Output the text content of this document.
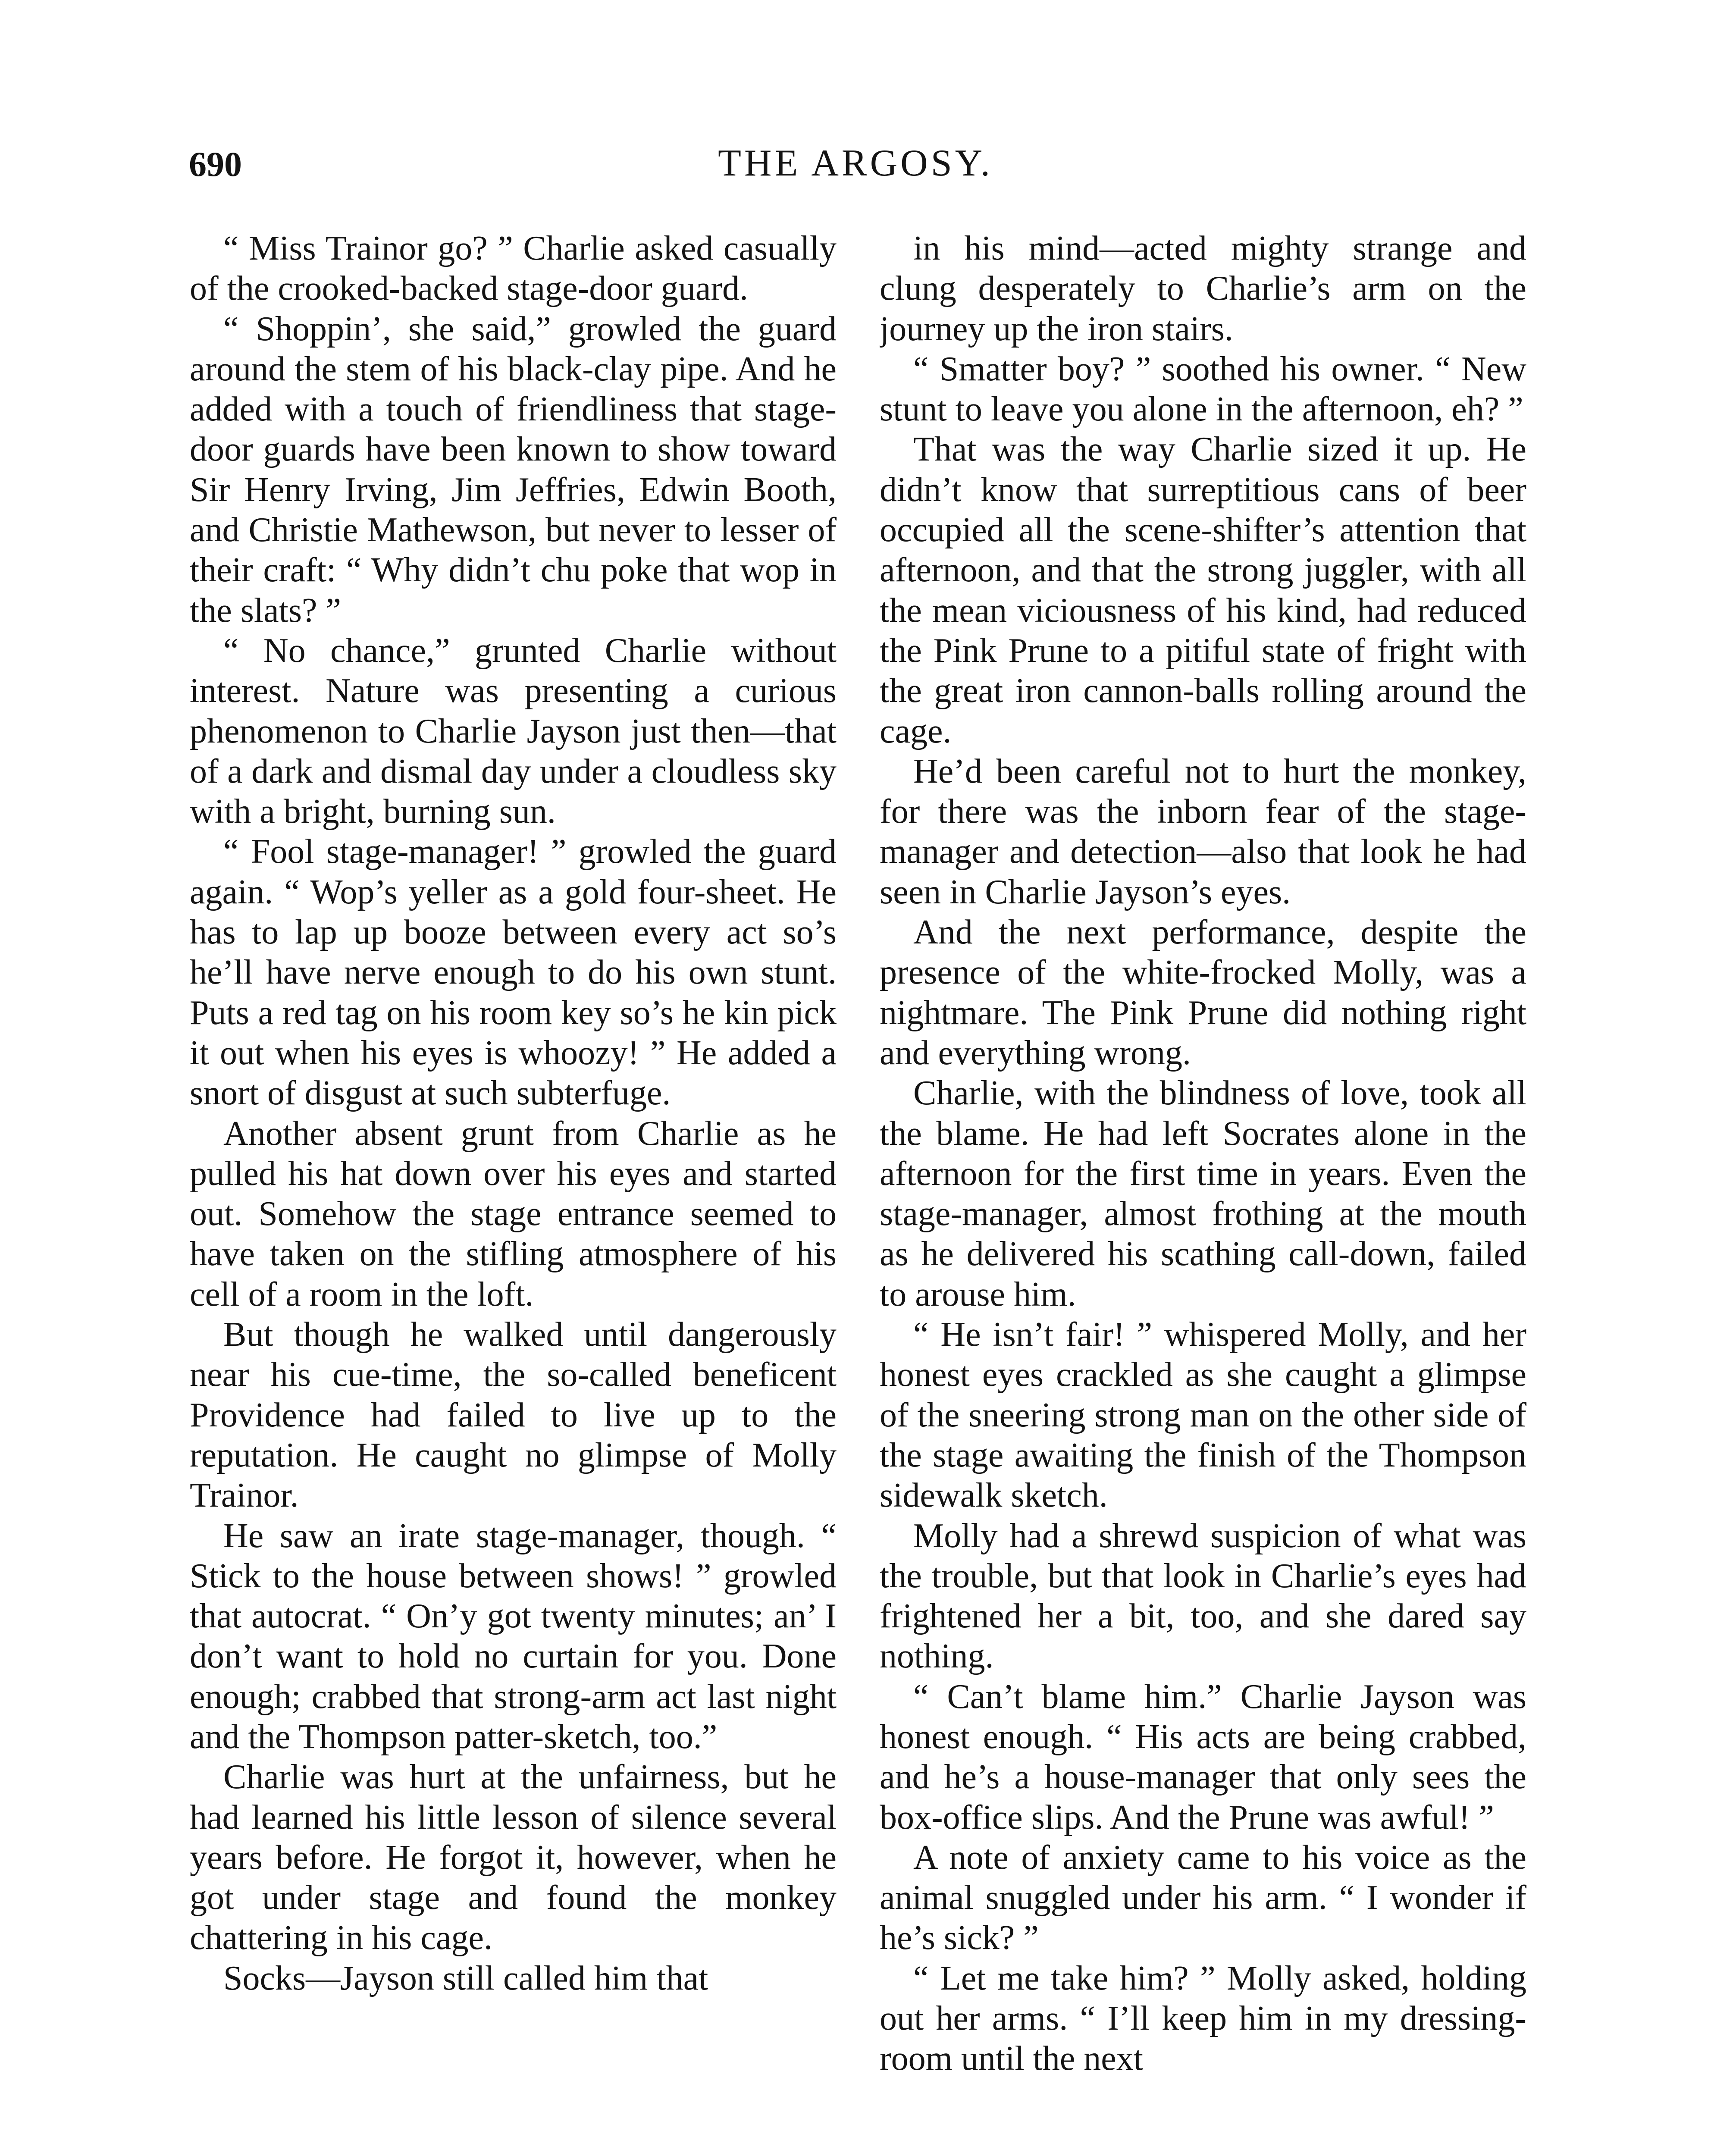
690	THE ARGOSY.

“ Miss Trainor go? ” Charlie asked casually of the crooked-backed stage-door guard.

“ Shoppin’, she said,” growled the guard around the stem of his black-clay pipe. And he added with a touch of friendliness that stage-door guards have been known to show toward Sir Henry Irving, Jim Jeffries, Edwin Booth, and Christie Mathewson, but never to lesser of their craft: “ Why didn’t chu poke that wop in the slats? ”

“ No chance,” grunted Charlie without interest. Nature was presenting a curious phenomenon to Charlie Jayson just then—that of a dark and dismal day under a cloudless sky with a bright, burning sun.

“ Fool stage-manager! ” growled the guard again. “ Wop’s yeller as a gold four-sheet. He has to lap up booze between every act so’s he’ll have nerve enough to do his own stunt. Puts a red tag on his room key so’s he kin pick it out when his eyes is whoozy! ” He added a snort of disgust at such subterfuge.

Another absent grunt from Charlie as he pulled his hat down over his eyes and started out. Somehow the stage entrance seemed to have taken on the stifling atmosphere of his cell of a room in the loft.

But though he walked until dangerously near his cue-time, the so-called beneficent Providence had failed to live up to the reputation. He caught no glimpse of Molly Trainor.

He saw an irate stage-manager, though. “ Stick to the house between shows! ” growled that autocrat. “ On’y got twenty minutes; an’ I don’t want to hold no curtain for you. Done enough; crabbed that strong-arm act last night and the Thompson patter-sketch, too.”

Charlie was hurt at the unfairness, but he had learned his little lesson of silence several years before. He forgot it, however, when he got under stage and found the monkey chattering in his cage.

Socks—Jayson still called him that

in his mind—acted mighty strange and clung desperately to Charlie’s arm on the journey up the iron stairs.

“ Smatter boy? ” soothed his owner. “ New stunt to leave you alone in the afternoon, eh? ”

That was the way Charlie sized it up. He didn’t know that surreptitious cans of beer occupied all the scene-shifter’s attention that afternoon, and that the strong juggler, with all the mean viciousness of his kind, had reduced the Pink Prune to a pitiful state of fright with the great iron cannon-balls rolling around the cage.

He’d been careful not to hurt the monkey, for there was the inborn fear of the stage-manager and detection—also that look he had seen in Charlie Jayson’s eyes.

And the next performance, despite the presence of the white-frocked Molly, was a nightmare. The Pink Prune did nothing right and everything wrong.

Charlie, with the blindness of love, took all the blame. He had left Socrates alone in the afternoon for the first time in years. Even the stage-manager, almost frothing at the mouth as he delivered his scathing call-down, failed to arouse him.

“ He isn’t fair! ” whispered Molly, and her honest eyes crackled as she caught a glimpse of the sneering strong man on the other side of the stage awaiting the finish of the Thompson sidewalk sketch.

Molly had a shrewd suspicion of what was the trouble, but that look in Charlie’s eyes had frightened her a bit, too, and she dared say nothing.

“ Can’t blame him.” Charlie Jayson was honest enough. “ His acts are being crabbed, and he’s a house-manager that only sees the box-office slips. And the Prune was awful! ”

A note of anxiety came to his voice as the animal snuggled under his arm. “ I wonder if he’s sick? ”

“ Let me take him? ” Molly asked, holding out her arms. “ I’ll keep him in my dressing-room until the next
